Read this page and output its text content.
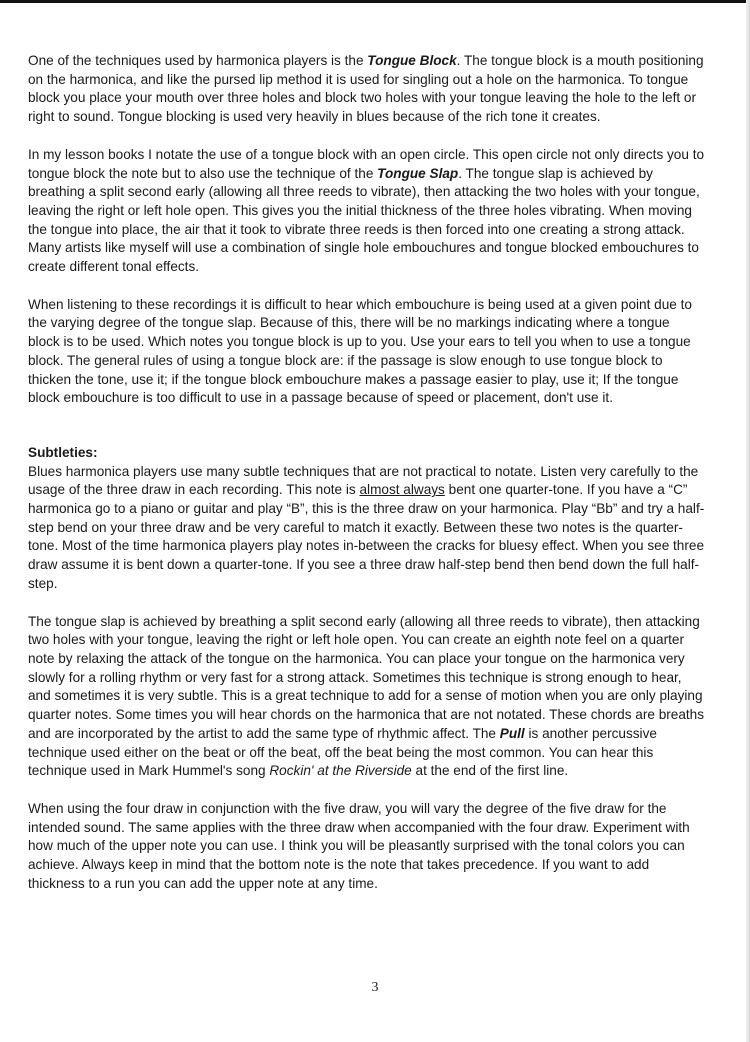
One of the techniques used by harmonica players is the Tongue Block. The tongue block is a mouth positioning on the harmonica, and like the pursed lip method it is used for singling out a hole on the harmonica. To tongue block you place your mouth over three holes and block two holes with your tongue leaving the hole to the left or right to sound. Tongue blocking is used very heavily in blues because of the rich tone it creates.

In my lesson books I notate the use of a tongue block with an open circle. This open circle not only directs you to tongue block the note but to also use the technique of the Tongue Slap. The tongue slap is achieved by breathing a split second early (allowing all three reeds to vibrate), then attacking the two holes with your tongue, leaving the right or left hole open. This gives you the initial thickness of the three holes vibrating. When moving the tongue into place, the air that it took to vibrate three reeds is then forced into one creating a strong attack. Many artists like myself will use a combination of single hole embouchures and tongue blocked embouchures to create different tonal effects.

When listening to these recordings it is difficult to hear which embouchure is being used at a given point due to the varying degree of the tongue slap. Because of this, there will be no markings indicating where a tongue block is to be used. Which notes you tongue block is up to you. Use your ears to tell you when to use a tongue block. The general rules of using a tongue block are: if the passage is slow enough to use tongue block to thicken the tone, use it; if the tongue block embouchure makes a passage easier to play, use it; If the tongue block embouchure is too difficult to use in a passage because of speed or placement, don't use it.

Subtleties:

Blues harmonica players use many subtle techniques that are not practical to notate. Listen very carefully to the usage of the three draw in each recording. This note is almost always bent one quarter-tone. If you have a “C” harmonica go to a piano or guitar and play “B”, this is the three draw on your harmonica. Play “Bb” and try a half-step bend on your three draw and be very careful to match it exactly. Between these two notes is the quarter-tone. Most of the time harmonica players play notes in-between the cracks for bluesy effect. When you see three draw assume it is bent down a quarter-tone. If you see a three draw half-step bend then bend down the full half-step.

The tongue slap is achieved by breathing a split second early (allowing all three reeds to vibrate), then attacking two holes with your tongue, leaving the right or left hole open. You can create an eighth note feel on a quarter note by relaxing the attack of the tongue on the harmonica. You can place your tongue on the harmonica very slowly for a rolling rhythm or very fast for a strong attack. Sometimes this technique is strong enough to hear, and sometimes it is very subtle. This is a great technique to add for a sense of motion when you are only playing quarter notes. Some times you will hear chords on the harmonica that are not notated. These chords are breaths and are incorporated by the artist to add the same type of rhythmic affect. The Pull is another percussive technique used either on the beat or off the beat, off the beat being the most common. You can hear this technique used in Mark Hummel's song Rockin' at the Riverside at the end of the first line.

When using the four draw in conjunction with the five draw, you will vary the degree of the five draw for the intended sound. The same applies with the three draw when accompanied with the four draw. Experiment with how much of the upper note you can use. I think you will be pleasantly surprised with the tonal colors you can achieve. Always keep in mind that the bottom note is the note that takes precedence. If you want to add thickness to a run you can add the upper note at any time.

3
